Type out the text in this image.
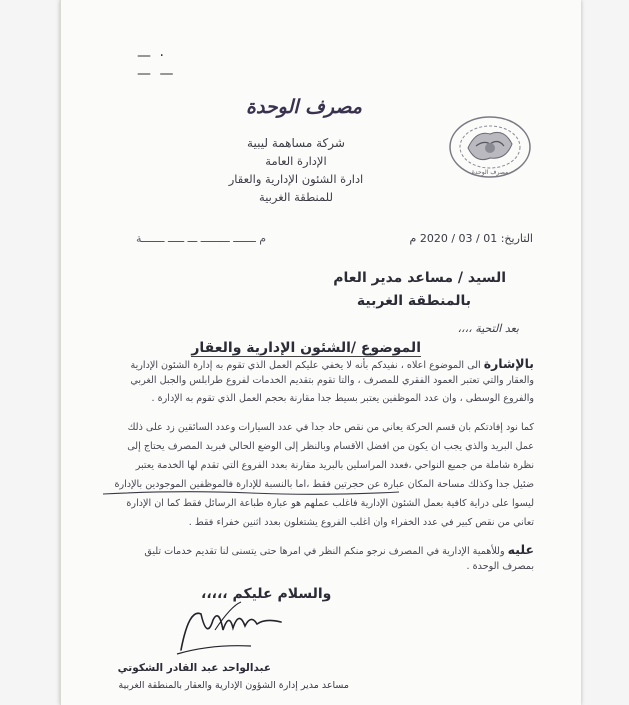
— ·
— —
مصرف الوحدة
شركة مساهمة ليبية
الإدارة العامة
ادارة الشئون الإدارية والعقار
للمنطقة الغربية
مصرف الوحدة
التاريخ: 01 / 03 / 2020 م
م ـــــــ ـــــــــ ـــ ـــــ ـــــــة
السيد / مساعد مدير العام
بالمنطقة الغربية
بعد التحية ،،،،
الموضوع /الشئون الإدارية والعقار
بالإشارة الى الموضوع اعلاه ، نفيدكم بأنه لا يخفي عليكم العمل الذي تقوم به إدارة الشئون الإدارية
والعقار والتي تعتبر العمود الفقري للمصرف ، والتا تقوم بتقديم الخدمات لفروع طرابلس والجبل الغربي
والفروع الوسطى ، وان عدد الموظفين يعتبر بسيط جداً مقارنة بحجم العمل الذي تقوم به الإدارة .
كما نود إفادتكم بأن قسم الحركة يعاني من نقص حاد جداً في عدد السيارات وعدد السائقين زد على ذلك
عمل البريد والذي يجب ان يكون من افضل الأقسام وبالنظر إلى الوضع الحالي فبريد المصرف يحتاج إلى
نظرة شاملة من جميع النواحي ،فعدد المراسلين بالبريد مقارنة بعدد الفروع التي تقدم لها الخدمة يعتبر
ضئيل جداً وكذلك مساحة المكان عبارة عن حجرتين فقط ،اما بالنسبة للإدارة فالموظفين الموجودين بالإدارة
ليسوا على دراية كافية بعمل الشئون الإدارية فأغلب عملهم هو عبارة طباعة الرسائل فقط كما ان الإدارة
تعاني من نقص كبير في عدد الخفراء وأن أغلب الفروع يشتغلون بعدد اثنين خفراء فقط .
عليه وللأهمية الإدارية في المصرف نرجو منكم النظر في امرها حتى يتسنى لنا تقديم خدمات تليق
بمصرف الوحدة .
والسلام عليكم ،،،،،
عبدالواحد عبد القادر الشكوتي
مساعد مدير إدارة الشؤون الإدارية والعقار بالمنطقة الغربية
